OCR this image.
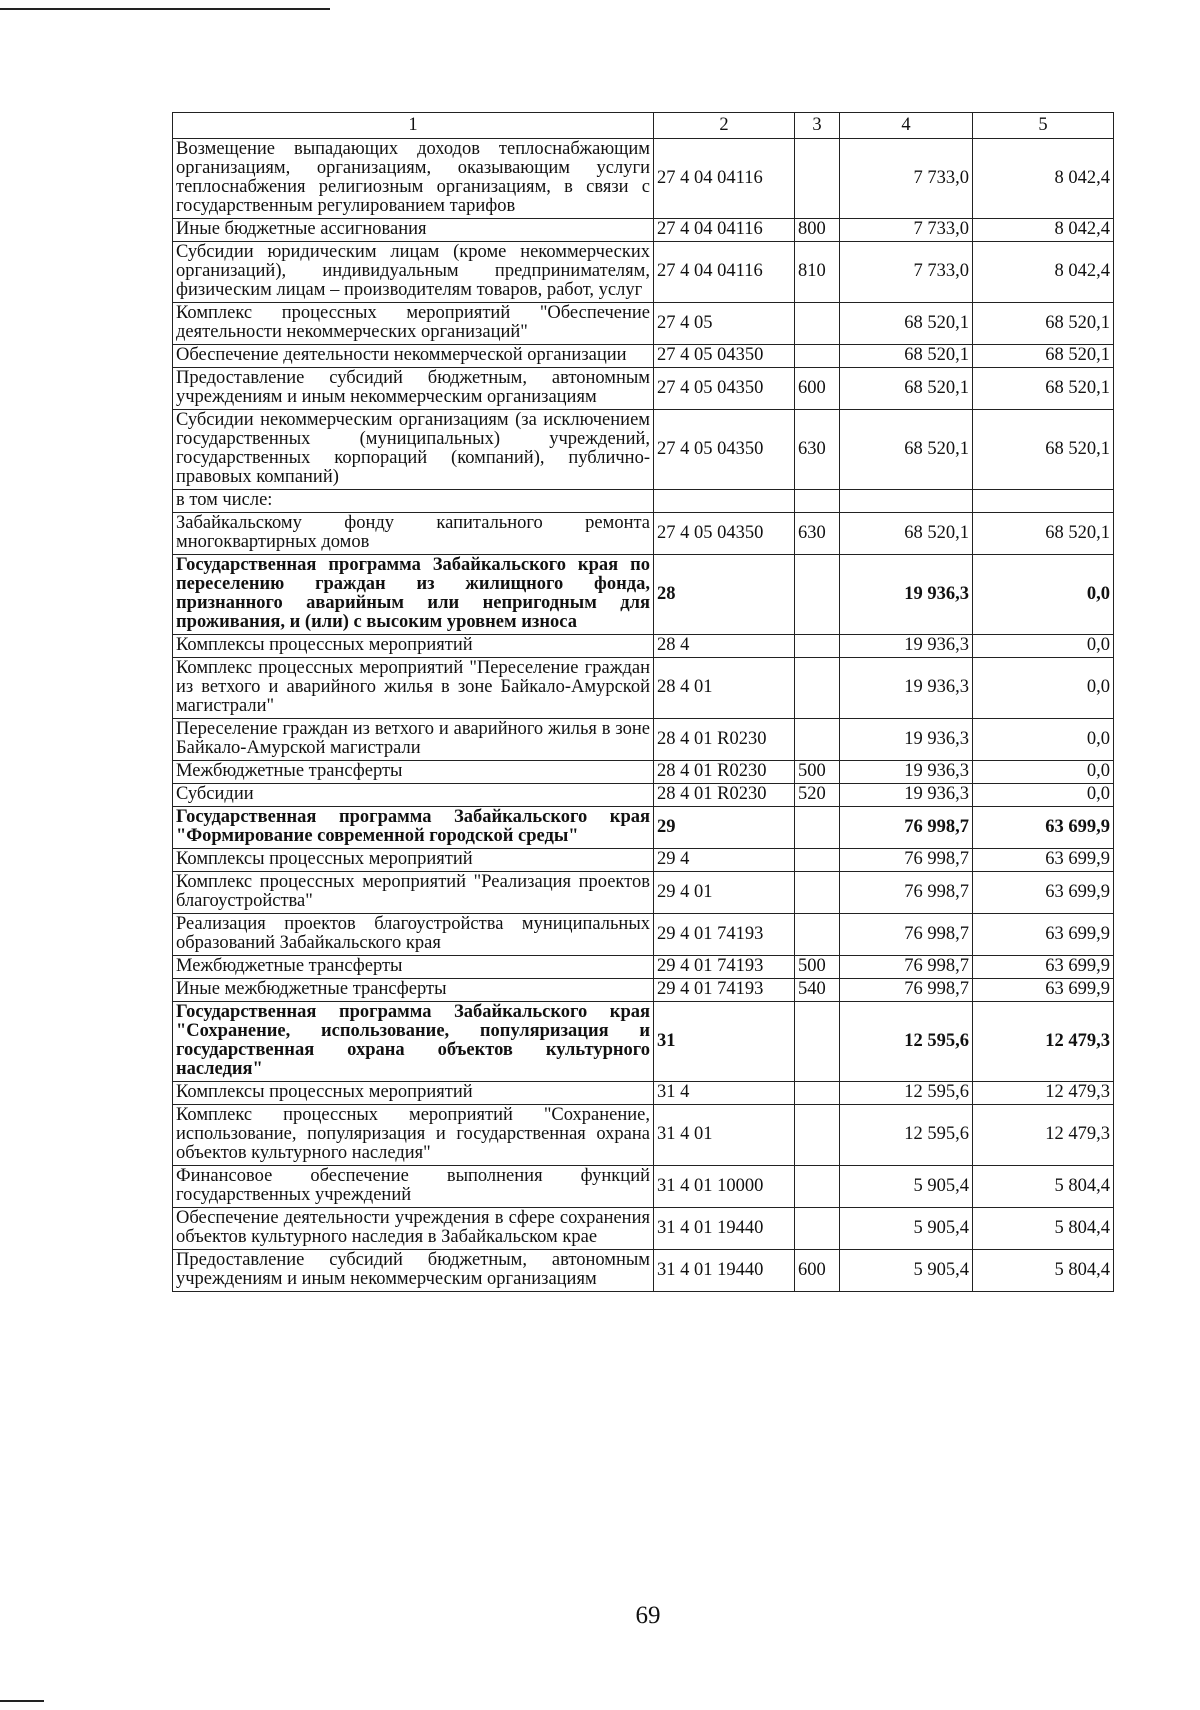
1	2	3	4	5
Возмещение выпадающих доходов теплоснабжающим организациям, организациям, оказывающим услуги теплоснабжения религиозным организациям, в связи с государственным регулированием тарифов	27 4 04 04116		7 733,0	8 042,4
Иные бюджетные ассигнования	27 4 04 04116	800	7 733,0	8 042,4
Субсидии юридическим лицам (кроме некоммерческих организаций), индивидуальным предпринимателям, физическим лицам – производителям товаров, работ, услуг	27 4 04 04116	810	7 733,0	8 042,4
Комплекс процессных мероприятий "Обеспечение деятельности некоммерческих организаций"	27 4 05		68 520,1	68 520,1
Обеспечение деятельности некоммерческой организации	27 4 05 04350		68 520,1	68 520,1
Предоставление субсидий бюджетным, автономным учреждениям и иным некоммерческим организациям	27 4 05 04350	600	68 520,1	68 520,1
Субсидии некоммерческим организациям (за исключением государственных (муниципальных) учреждений, государственных корпораций (компаний), публично-правовых компаний)	27 4 05 04350	630	68 520,1	68 520,1
в том числе:				
Забайкальскому фонду капитального ремонта многоквартирных домов	27 4 05 04350	630	68 520,1	68 520,1
Государственная программа Забайкальского края по переселению граждан из жилищного фонда, признанного аварийным или непригодным для проживания, и (или) с высоким уровнем износа	28		19 936,3	0,0
Комплексы процессных мероприятий	28 4		19 936,3	0,0
Комплекс процессных мероприятий "Переселение граждан из ветхого и аварийного жилья в зоне Байкало-Амурской магистрали"	28 4 01		19 936,3	0,0
Переселение граждан из ветхого и аварийного жилья в зоне Байкало-Амурской магистрали	28 4 01 R0230		19 936,3	0,0
Межбюджетные трансферты	28 4 01 R0230	500	19 936,3	0,0
Субсидии	28 4 01 R0230	520	19 936,3	0,0
Государственная программа Забайкальского края "Формирование современной городской среды"	29		76 998,7	63 699,9
Комплексы процессных мероприятий	29 4		76 998,7	63 699,9
Комплекс процессных мероприятий "Реализация проектов благоустройства"	29 4 01		76 998,7	63 699,9
Реализация проектов благоустройства муниципальных образований Забайкальского края	29 4 01 74193		76 998,7	63 699,9
Межбюджетные трансферты	29 4 01 74193	500	76 998,7	63 699,9
Иные межбюджетные трансферты	29 4 01 74193	540	76 998,7	63 699,9
Государственная программа Забайкальского края "Сохранение, использование, популяризация и государственная охрана объектов культурного наследия"	31		12 595,6	12 479,3
Комплексы процессных мероприятий	31 4		12 595,6	12 479,3
Комплекс процессных мероприятий "Сохранение, использование, популяризация и государственная охрана объектов культурного наследия"	31 4 01		12 595,6	12 479,3
Финансовое обеспечение выполнения функций государственных учреждений	31 4 01 10000		5 905,4	5 804,4
Обеспечение деятельности учреждения в сфере сохранения объектов культурного наследия в Забайкальском крае	31 4 01 19440		5 905,4	5 804,4
Предоставление субсидий бюджетным, автономным учреждениям и иным некоммерческим организациям	31 4 01 19440	600	5 905,4	5 804,4
69
